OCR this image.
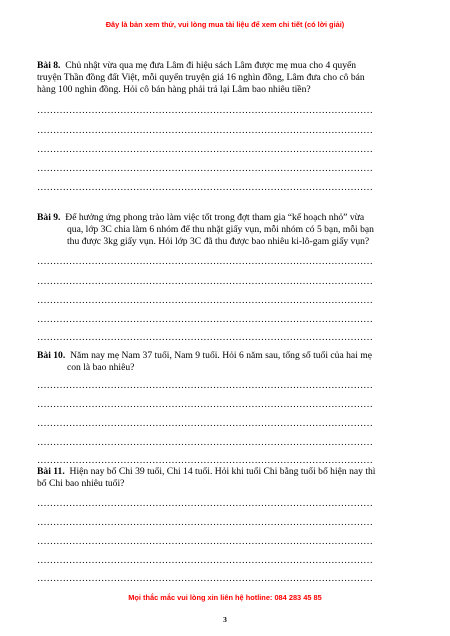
Đây là bản xem thử, vui lòng mua tài liệu để xem chi tiết (có lời giải)
Bài 8. Chủ nhật vừa qua mẹ đưa Lâm đi hiệu sách Lâm được mẹ mua cho 4 quyển
truyện Thần đồng đất Việt, mỗi quyển truyện giá 16 nghìn đồng, Lâm đưa cho cô bán
hàng 100 nghìn đồng. Hỏi cô bán hàng phải trả lại Lâm bao nhiêu tiền?
……………………………………………………………………………………………
……………………………………………………………………………………………
……………………………………………………………………………………………
……………………………………………………………………………………………
……………………………………………………………………………………………
Bài 9. Để hưởng ứng phong trào làm việc tốt trong đợt tham gia “kế hoạch nhỏ” vừa
qua, lớp 3C chia làm 6 nhóm để thu nhặt giấy vụn, mỗi nhóm có 5 bạn, mỗi bạn
thu được 3kg giấy vụn. Hỏi lớp 3C đã thu được bao nhiêu ki-lô-gam giấy vụn?
……………………………………………………………………………………………
……………………………………………………………………………………………
……………………………………………………………………………………………
……………………………………………………………………………………………
……………………………………………………………………………………………
Bài 10. Năm nay mẹ Nam 37 tuổi, Nam 9 tuổi. Hỏi 6 năm sau, tổng số tuổi của hai mẹ
con là bao nhiêu?
……………………………………………………………………………………………
……………………………………………………………………………………………
……………………………………………………………………………………………
……………………………………………………………………………………………
……………………………………………………………………………………………
Bài 11. Hiện nay bố Chi 39 tuổi, Chi 14 tuổi. Hỏi khi tuổi Chi bằng tuổi bố hiện nay thì
bố Chi bao nhiêu tuổi?
……………………………………………………………………………………………
……………………………………………………………………………………………
……………………………………………………………………………………………
……………………………………………………………………………………………
……………………………………………………………………………………………
Mọi thắc mắc vui lòng xin liên hệ hotline: 084 283 45 85
3
